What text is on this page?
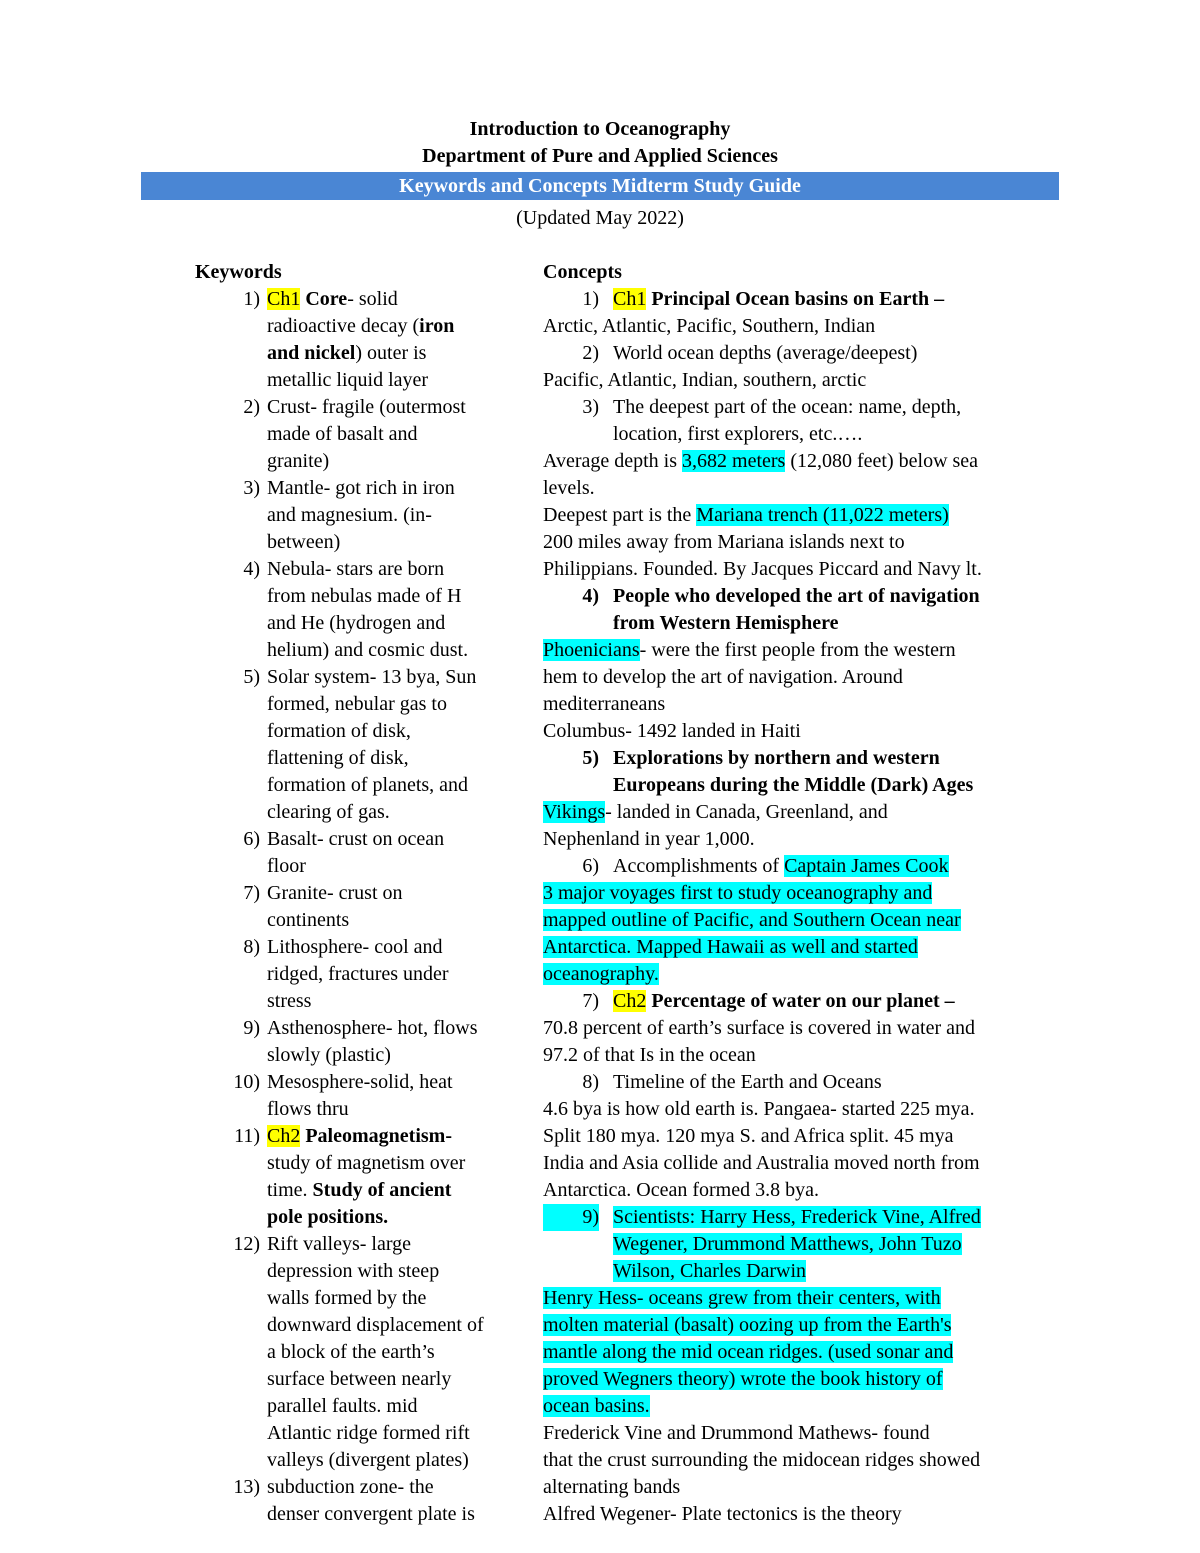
Introduction to Oceanography
Department of Pure and Applied Sciences
Keywords and Concepts Midterm Study Guide
(Updated May 2022)
Keywords
1) Ch1 Core- solid
radioactive decay (iron
and nickel) outer is
metallic liquid layer
2) Crust- fragile (outermost
made of basalt and
granite)
3) Mantle- got rich in iron
and magnesium. (in-
between)
4) Nebula- stars are born
from nebulas made of H
and He (hydrogen and
helium) and cosmic dust.
5) Solar system- 13 bya, Sun
formed, nebular gas to
formation of disk,
flattening of disk,
formation of planets, and
clearing of gas.
6) Basalt- crust on ocean
floor
7) Granite- crust on
continents
8) Lithosphere- cool and
ridged, fractures under
stress
9) Asthenosphere- hot, flows
slowly (plastic)
10) Mesosphere-solid, heat
flows thru
11) Ch2 Paleomagnetism-
study of magnetism over
time. Study of ancient
pole positions.
12) Rift valleys- large
depression with steep
walls formed by the
downward displacement of
a block of the earth’s
surface between nearly
parallel faults. mid
Atlantic ridge formed rift
valleys (divergent plates)
13) subduction zone- the
denser convergent plate is
Concepts
1) Ch1 Principal Ocean basins on Earth –
Arctic, Atlantic, Pacific, Southern, Indian
2) World ocean depths (average/deepest)
Pacific, Atlantic, Indian, southern, arctic
3) The deepest part of the ocean: name, depth,
location, first explorers, etc.….
Average depth is 3,682 meters (12,080 feet) below sea
levels.
Deepest part is the Mariana trench (11,022 meters)
200 miles away from Mariana islands next to
Philippians. Founded. By Jacques Piccard and Navy lt.
4) People who developed the art of navigation
from Western Hemisphere
Phoenicians- were the first people from the western
hem to develop the art of navigation. Around
mediterraneans
Columbus- 1492 landed in Haiti
5) Explorations by northern and western
Europeans during the Middle (Dark) Ages
Vikings- landed in Canada, Greenland, and
Nephenland in year 1,000.
6) Accomplishments of Captain James Cook
3 major voyages first to study oceanography and
mapped outline of Pacific, and Southern Ocean near
Antarctica. Mapped Hawaii as well and started
oceanography.
7) Ch2 Percentage of water on our planet –
70.8 percent of earth’s surface is covered in water and
97.2 of that Is in the ocean
8) Timeline of the Earth and Oceans
4.6 bya is how old earth is. Pangaea- started 225 mya.
Split 180 mya. 120 mya S. and Africa split. 45 mya
India and Asia collide and Australia moved north from
Antarctica. Ocean formed 3.8 bya.
9) Scientists: Harry Hess, Frederick Vine, Alfred
Wegener, Drummond Matthews, John Tuzo
Wilson, Charles Darwin
Henry Hess- oceans grew from their centers, with
molten material (basalt) oozing up from the Earth's
mantle along the mid ocean ridges. (used sonar and
proved Wegners theory) wrote the book history of
ocean basins.
Frederick Vine and Drummond Mathews- found
that the crust surrounding the midocean ridges showed
alternating bands
Alfred Wegener- Plate tectonics is the theory
